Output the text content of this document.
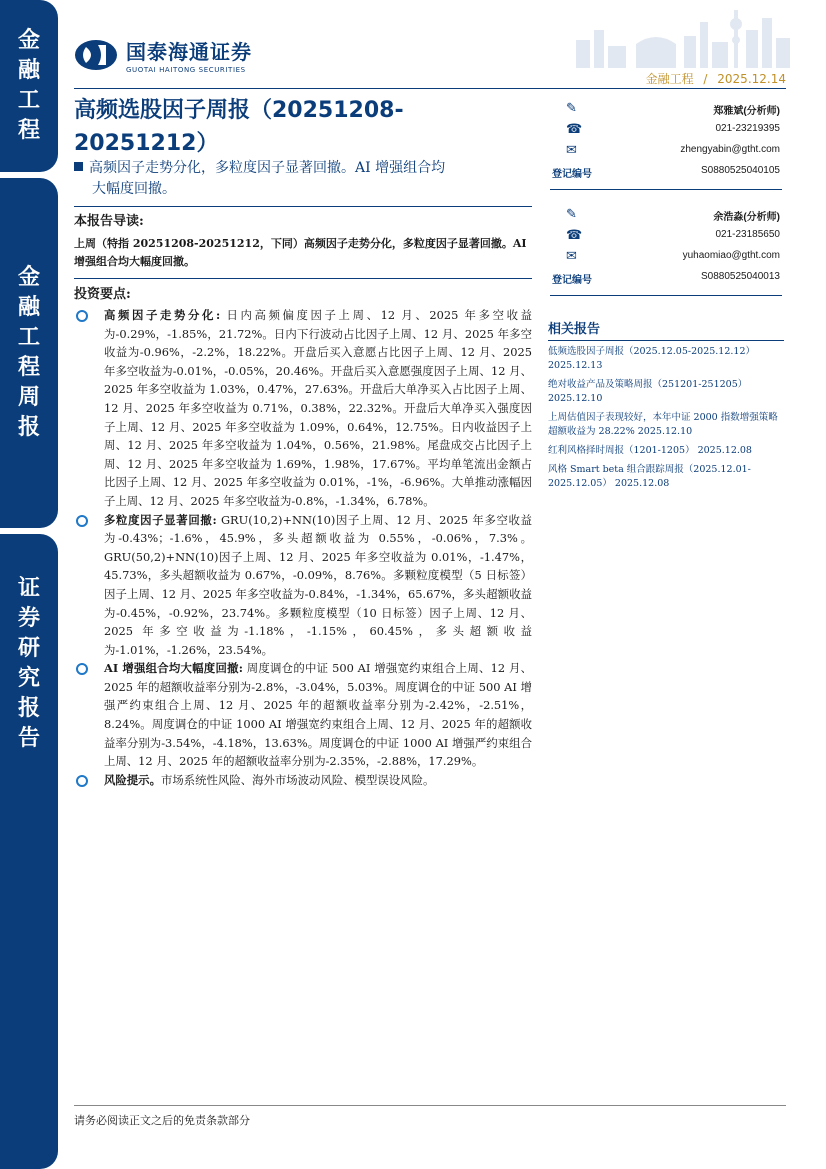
金
融
工
程
金
融
工
程
周
报
证
券
研
究
报
告
国泰海通证券
GUOTAI HAITONG SECURITIES
金融工程 / 2025.12.14
高频选股因子周报（20251208-
20251212）
高频因子走势分化，多粒度因子显著回撤。AI 增强组合均
大幅度回撤。
本报告导读:
上周（特指 20251208-20251212，下同）高频因子走势分化，多粒度因子显著回撤。AI 增强组合均大幅度回撤。
投资要点:

高频因子走势分化: 日内高频偏度因子上周、12 月、2025 年多空收益为-0.29%，-1.85%，21.72%。日内下行波动占比因子上周、12 月、2025 年多空收益为-0.96%，-2.2%，18.22%。开盘后买入意愿占比因子上周、12 月、2025 年多空收益为-0.01%，-0.05%，20.46%。开盘后买入意愿强度因子上周、12 月、2025 年多空收益为 1.03%，0.47%，27.63%。开盘后大单净买入占比因子上周、12 月、2025 年多空收益为 0.71%，0.38%，22.32%。开盘后大单净买入强度因子上周、12 月、2025 年多空收益为 1.09%，0.64%，12.75%。日内收益因子上周、12 月、2025 年多空收益为 1.04%，0.56%，21.98%。尾盘成交占比因子上周、12 月、2025 年多空收益为 1.69%，1.98%，17.67%。平均单笔流出金额占比因子上周、12 月、2025 年多空收益为 0.01%，-1%，-6.96%。大单推动涨幅因子上周、12 月、2025 年多空收益为-0.8%，-1.34%，6.78%。

多粒度因子显著回撤: GRU(10,2)+NN(10)因子上周、12 月、2025 年多空收益为-0.43%；-1.6%，45.9%，多头超额收益为 0.55%，-0.06%，7.3%。GRU(50,2)+NN(10)因子上周、12 月、2025 年多空收益为 0.01%，-1.47%，45.73%，多头超额收益为 0.67%，-0.09%，8.76%。多颗粒度模型（5 日标签）因子上周、12 月、2025 年多空收益为-0.84%，-1.34%，65.67%，多头超额收益为-0.45%，-0.92%，23.74%。多颗粒度模型（10 日标签）因子上周、12 月、2025 年多空收益为-1.18%，-1.15%，60.45%，多头超额收益为-1.01%，-1.26%，23.54%。

AI 增强组合均大幅度回撤: 周度调仓的中证 500 AI 增强宽约束组合上周、12 月、2025 年的超额收益率分别为-2.8%，-3.04%，5.03%。周度调仓的中证 500 AI 增强严约束组合上周、12 月、2025 年的超额收益率分别为-2.42%，-2.51%，8.24%。周度调仓的中证 1000 AI 增强宽约束组合上周、12 月、2025 年的超额收益率分别为-3.54%，-4.18%，13.63%。周度调仓的中证 1000 AI 增强严约束组合上周、12 月、2025 年的超额收益率分别为-2.35%，-2.88%，17.29%。

风险提示。市场系统性风险、海外市场波动风险、模型误设风险。

✎	郑雅斌(分析师)
☎	021-23219395
✉	zhengyabin@gtht.com
登记编号	S0880525040105
✎	余浩淼(分析师)
☎	021-23185650
✉	yuhaomiao@gtht.com
登记编号	S0880525040013
相关报告
低频选股因子周报（2025.12.05-2025.12.12） 2025.12.13
绝对收益产品及策略周报（251201-251205） 2025.12.10
上周估值因子表现较好，本年中证 2000 指数增强策略超额收益为 28.22% 2025.12.10
红利风格择时周报（1201-1205） 2025.12.08
风格 Smart beta 组合跟踪周报（2025.12.01-2025.12.05） 2025.12.08
请务必阅读正文之后的免责条款部分
